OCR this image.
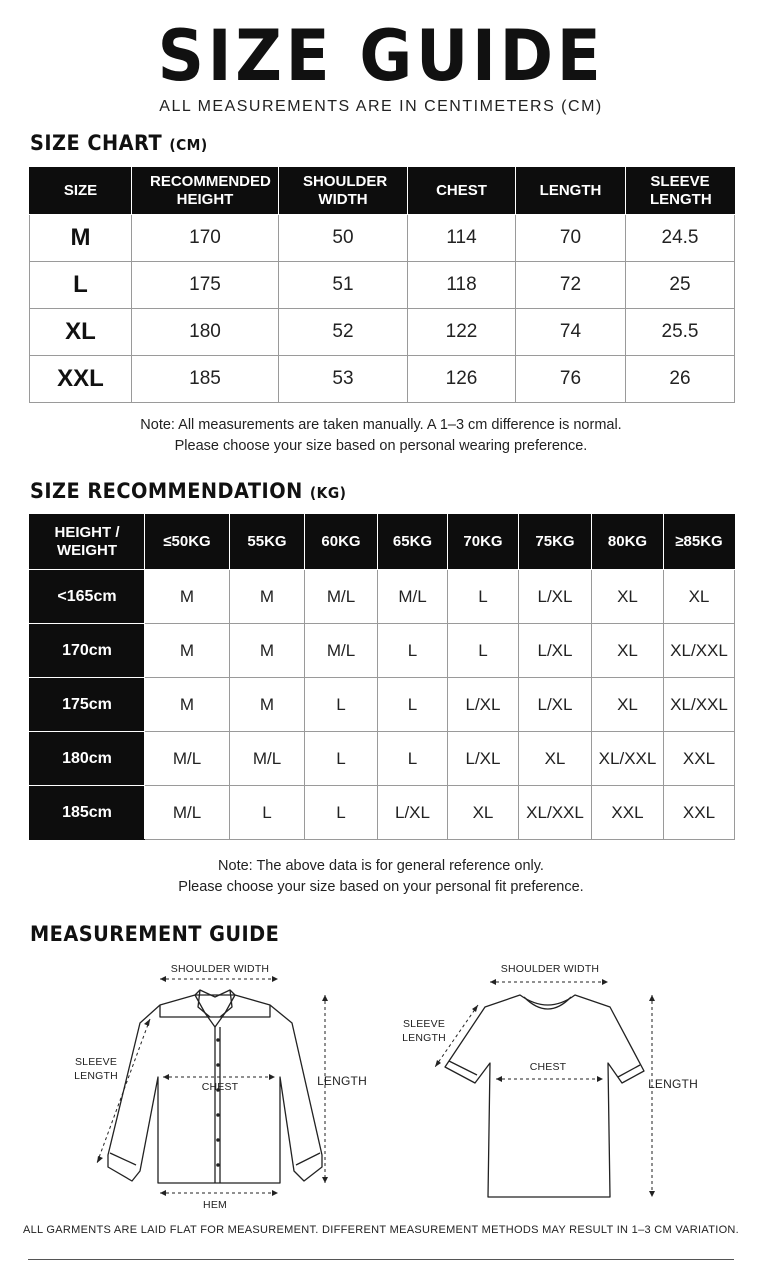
SIZE GUIDE
ALL MEASUREMENTS ARE IN CENTIMETERS (CM)
SIZE CHART (CM)
SIZE	RECOMMENDED HEIGHT	SHOULDER WIDTH	CHEST	LENGTH	SLEEVE LENGTH

M	170	50	114	70	24.5
L	175	51	118	72	25
XL	180	52	122	74	25.5
XXL	185	53	126	76	26
Note: All measurements are taken manually. A 1–3 cm difference is normal.
Please choose your size based on personal wearing preference.
SIZE RECOMMENDATION (KG)
HEIGHT / WEIGHT	≤50KG	55KG	60KG	65KG	70KG	75KG	80KG	≥85KG
<165cm	M	M	M/L	M/L	L	L/XL	XL	XL
170cm	M	M	M/L	L	L	L/XL	XL	XL/XXL
175cm	M	M	L	L	L/XL	L/XL	XL	XL/XXL
180cm	M/L	M/L	L	L	L/XL	XL	XL/XXL	XXL
185cm	M/L	L	L	L/XL	XL	XL/XXL	XXL	XXL
Note: The above data is for general reference only.
Please choose your size based on your personal fit preference.
MEASUREMENT GUIDE
SHOULDER WIDTH
SLEEVE
LENGTH
CHEST	LENGTH
HEM
SHOULDER WIDTH
SLEEVE
LENGTH
CHEST
LENGTH
ALL GARMENTS ARE LAID FLAT FOR MEASUREMENT. DIFFERENT MEASUREMENT METHODS MAY RESULT IN 1–3 CM VARIATION.
